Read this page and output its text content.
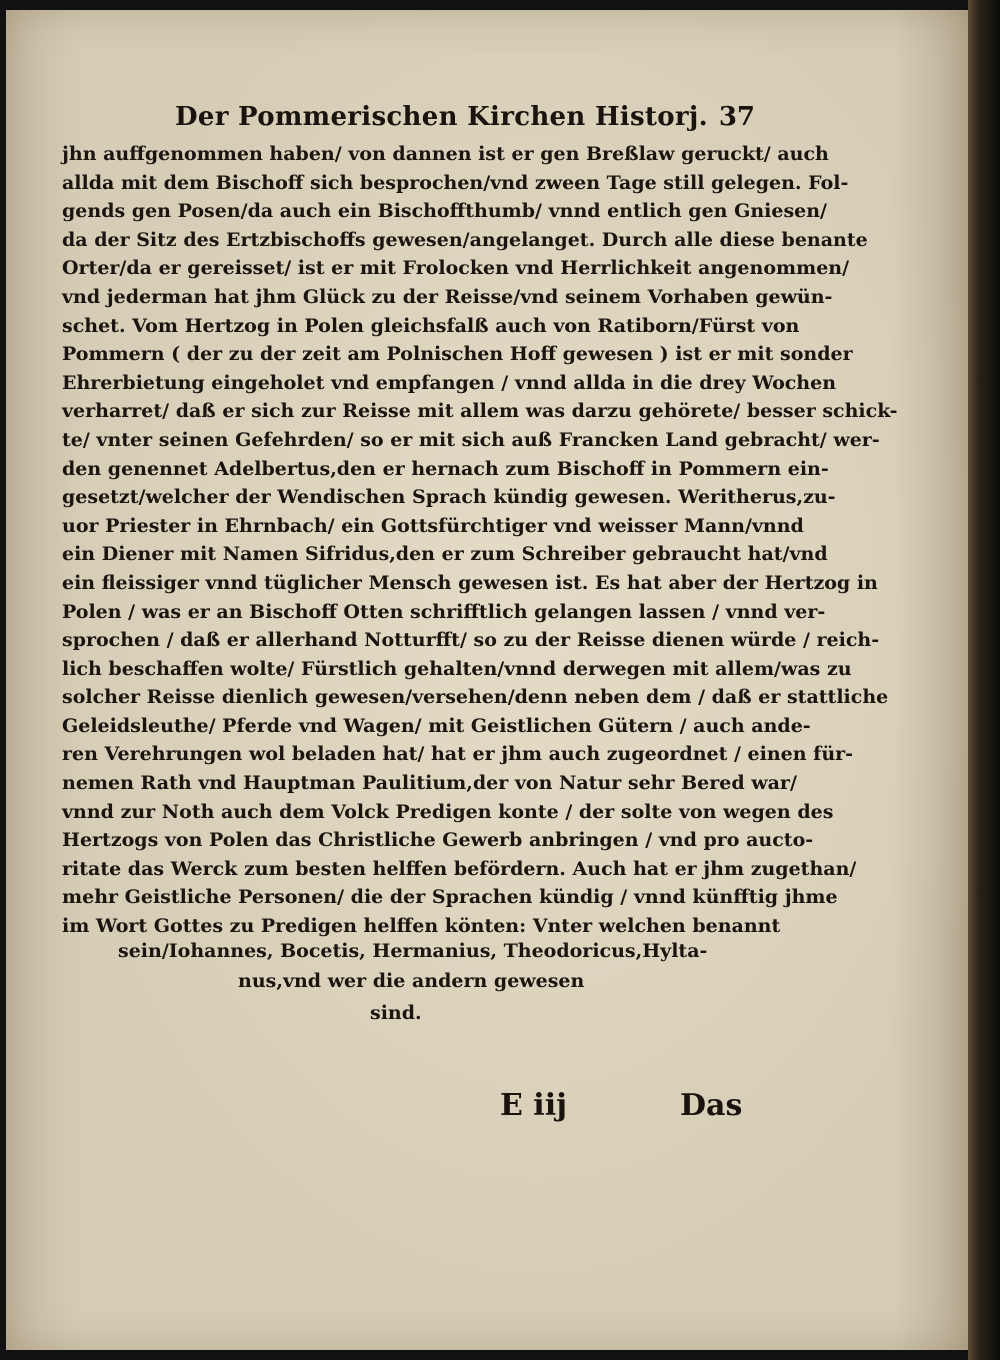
Der Pommerischen Kirchen Historj. 37
jhn auffgenommen haben/ von dannen ist er gen Breßlaw geruckt/ auch
allda mit dem Bischoff sich besprochen/vnd zween Tage still gelegen. Fol-
gends gen Posen/da auch ein Bischoffthumb/ vnnd entlich gen Gniesen/
da der Sitz des Ertzbischoffs gewesen/angelanget. Durch alle diese benante
Orter/da er gereisset/ ist er mit Frolocken vnd Herrlichkeit angenommen/
vnd jederman hat jhm Glück zu der Reisse/vnd seinem Vorhaben gewün-
schet. Vom Hertzog in Polen gleichsfalß auch von Ratiborn/Fürst von
Pommern ( der zu der zeit am Polnischen Hoff gewesen ) ist er mit sonder
Ehrerbietung eingeholet vnd empfangen / vnnd allda in die drey Wochen
verharret/ daß er sich zur Reisse mit allem was darzu gehörete/ besser schick-
te/ vnter seinen Gefehrden/ so er mit sich auß Francken Land gebracht/ wer-
den genennet Adelbertus,den er hernach zum Bischoff in Pommern ein-
gesetzt/welcher der Wendischen Sprach kündig gewesen. Weritherus,zu-
uor Priester in Ehrnbach/ ein Gottsfürchtiger vnd weisser Mann/vnnd
ein Diener mit Namen Sifridus,den er zum Schreiber gebraucht hat/vnd
ein fleissiger vnnd tüglicher Mensch gewesen ist. Es hat aber der Hertzog in
Polen / was er an Bischoff Otten schrifftlich gelangen lassen / vnnd ver-
sprochen / daß er allerhand Notturfft/ so zu der Reisse dienen würde / reich-
lich beschaffen wolte/ Fürstlich gehalten/vnnd derwegen mit allem/was zu
solcher Reisse dienlich gewesen/versehen/denn neben dem / daß er stattliche
Geleidsleuthe/ Pferde vnd Wagen/ mit Geistlichen Gütern / auch ande-
ren Verehrungen wol beladen hat/ hat er jhm auch zugeordnet / einen für-
nemen Rath vnd Hauptman Paulitium,der von Natur sehr Bered war/
vnnd zur Noth auch dem Volck Predigen konte / der solte von wegen des
Hertzogs von Polen das Christliche Gewerb anbringen / vnd pro aucto-
ritate das Werck zum besten helffen befördern. Auch hat er jhm zugethan/
mehr Geistliche Personen/ die der Sprachen kündig / vnnd künfftig jhme
im Wort Gottes zu Predigen helffen könten: Vnter welchen benannt
sein/Iohannes, Bocetis, Hermanius, Theodoricus,Hylta-
nus,vnd wer die andern gewesen
sind.
E iij	Das
